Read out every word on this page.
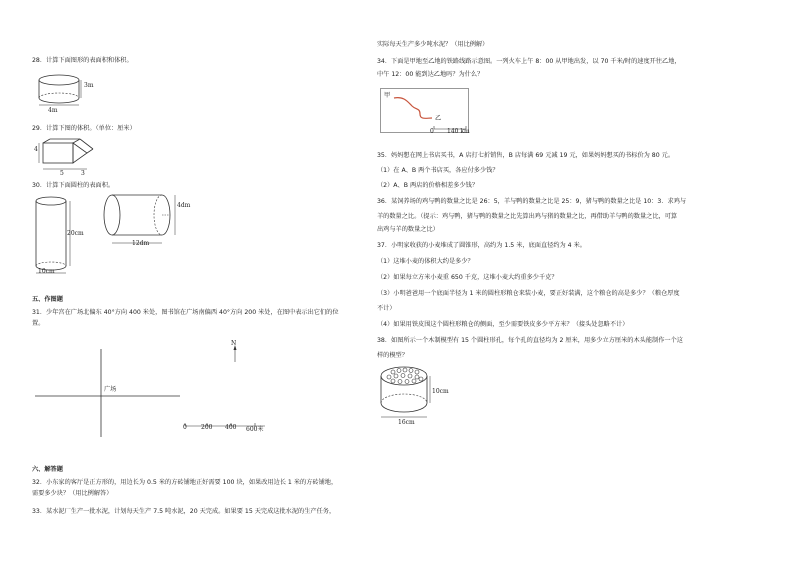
28．计算下面图形的表面积和体积。
3m
4m
29．计算下图的体积。（单位：厘米）
4
5	3
30．计算下面圆柱的表面积。
20cm
10cm
4dm
12dm
五、作图题
31．少年宫在广场北偏东 40°方向 400 米处，图书馆在广场南偏西 40°方向 200 米处，在图中表示出它们的位
置。
N
广场
0 200 400 600米
六、解答题
32．小东家的客厅是正方形的，用边长为 0.5 米的方砖铺地正好需要 100 块，如果改用边长 1 米的方砖铺地，
需要多少块？（用比例解答）
33．某水泥厂生产一批水泥，计划每天生产 7.5 吨水泥，20 天完成。如果要 15 天完成这批水泥的生产任务，
实际每天生产多少吨水泥？（用比例解）
34．下面是甲地至乙地的铁路线路示意图。一列火车上午 8：00 从甲地出发，以 70 千米/时的速度开往乙地，
中午 12：00 能到达乙地吗？为什么？
甲
乙
0 140 km
35．妈妈想在网上书店买书，A 店打七折销售，B 店每满 69 元减 19 元，如果妈妈想买的书标价为 80 元。
（1）在 A、B 两个书店买，各应付多少钱？
（2）A、B 两店的价格相差多少钱？
36．某饲养场的鸡与鸭的数量之比是 26：5，羊与鸭的数量之比是 25：9，猪与鸭的数量之比是 10：3．求鸡与
羊的数量之比。（提示：鸡与鸭，猪与鸭的数量之比先算出鸡与猪的数量之比，再借助羊与鸭的数量之比，可算
出鸡与羊的数量之比）
37．小明家收获的小麦堆成了圆锥形，高约为 1.5 米，底面直径约为 4 米。
（1）这堆小麦的体积大约是多少？
（2）如果每立方米小麦重 650 千克，这堆小麦大约重多少千克？
（3）小明爸爸用一个底面半径为 1 米的圆柱形粮仓来装小麦，要正好装满，这个粮仓的高是多少？（粮仓厚度
不计）
（4）如果用铁皮围这个圆柱形粮仓的侧面，至少需要铁皮多少平方米？（接头处忽略不计）
38．如图所示一个木制模型有 15 个圆柱形孔，每个孔的直径均为 2 厘米，用多少立方厘米的木头能制作一个这
样的模型？
10cm
16cm
